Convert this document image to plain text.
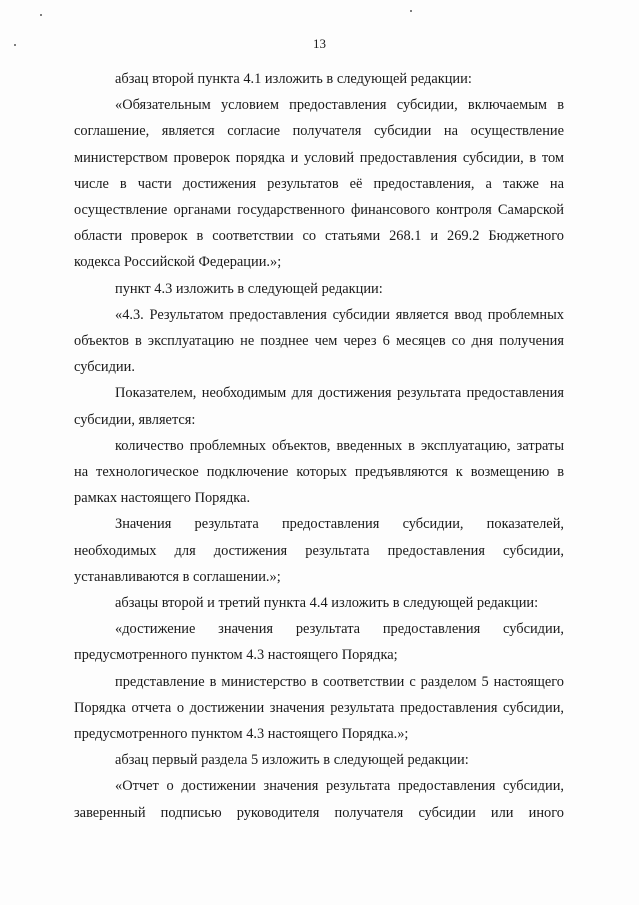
13

абзац второй пункта 4.1 изложить в следующей редакции:

«Обязательным условием предоставления субсидии, включаемым в соглашение, является согласие получателя субсидии на осуществление министерством проверок порядка и условий предоставления субсидии, в том числе в части достижения результатов её предоставления, а также на осуществление органами государственного финансового контроля Самарской области проверок в соответствии со статьями 268.1 и 269.2 Бюджетного кодекса Российской Федерации.»;

пункт 4.3 изложить в следующей редакции:

«4.3. Результатом предоставления субсидии является ввод проблемных объектов в эксплуатацию не позднее чем через 6 месяцев со дня получения субсидии.

Показателем, необходимым для достижения результата предоставления субсидии, является:

количество проблемных объектов, введенных в эксплуатацию, затраты на технологическое подключение которых предъявляются к возмещению в рамках настоящего Порядка.

Значения результата предоставления субсидии, показателей, необходимых для достижения результата предоставления субсидии, устанавливаются в соглашении.»;

абзацы второй и третий пункта 4.4 изложить в следующей редакции:

«достижение значения результата предоставления субсидии, предусмотренного пунктом 4.3 настоящего Порядка;

представление в министерство в соответствии с разделом 5 настоящего Порядка отчета о достижении значения результата предоставления субсидии, предусмотренного пунктом 4.3 настоящего Порядка.»;

абзац первый раздела 5 изложить в следующей редакции:

«Отчет о достижении значения результата предоставления субсидии, заверенный подписью руководителя получателя субсидии или иного
